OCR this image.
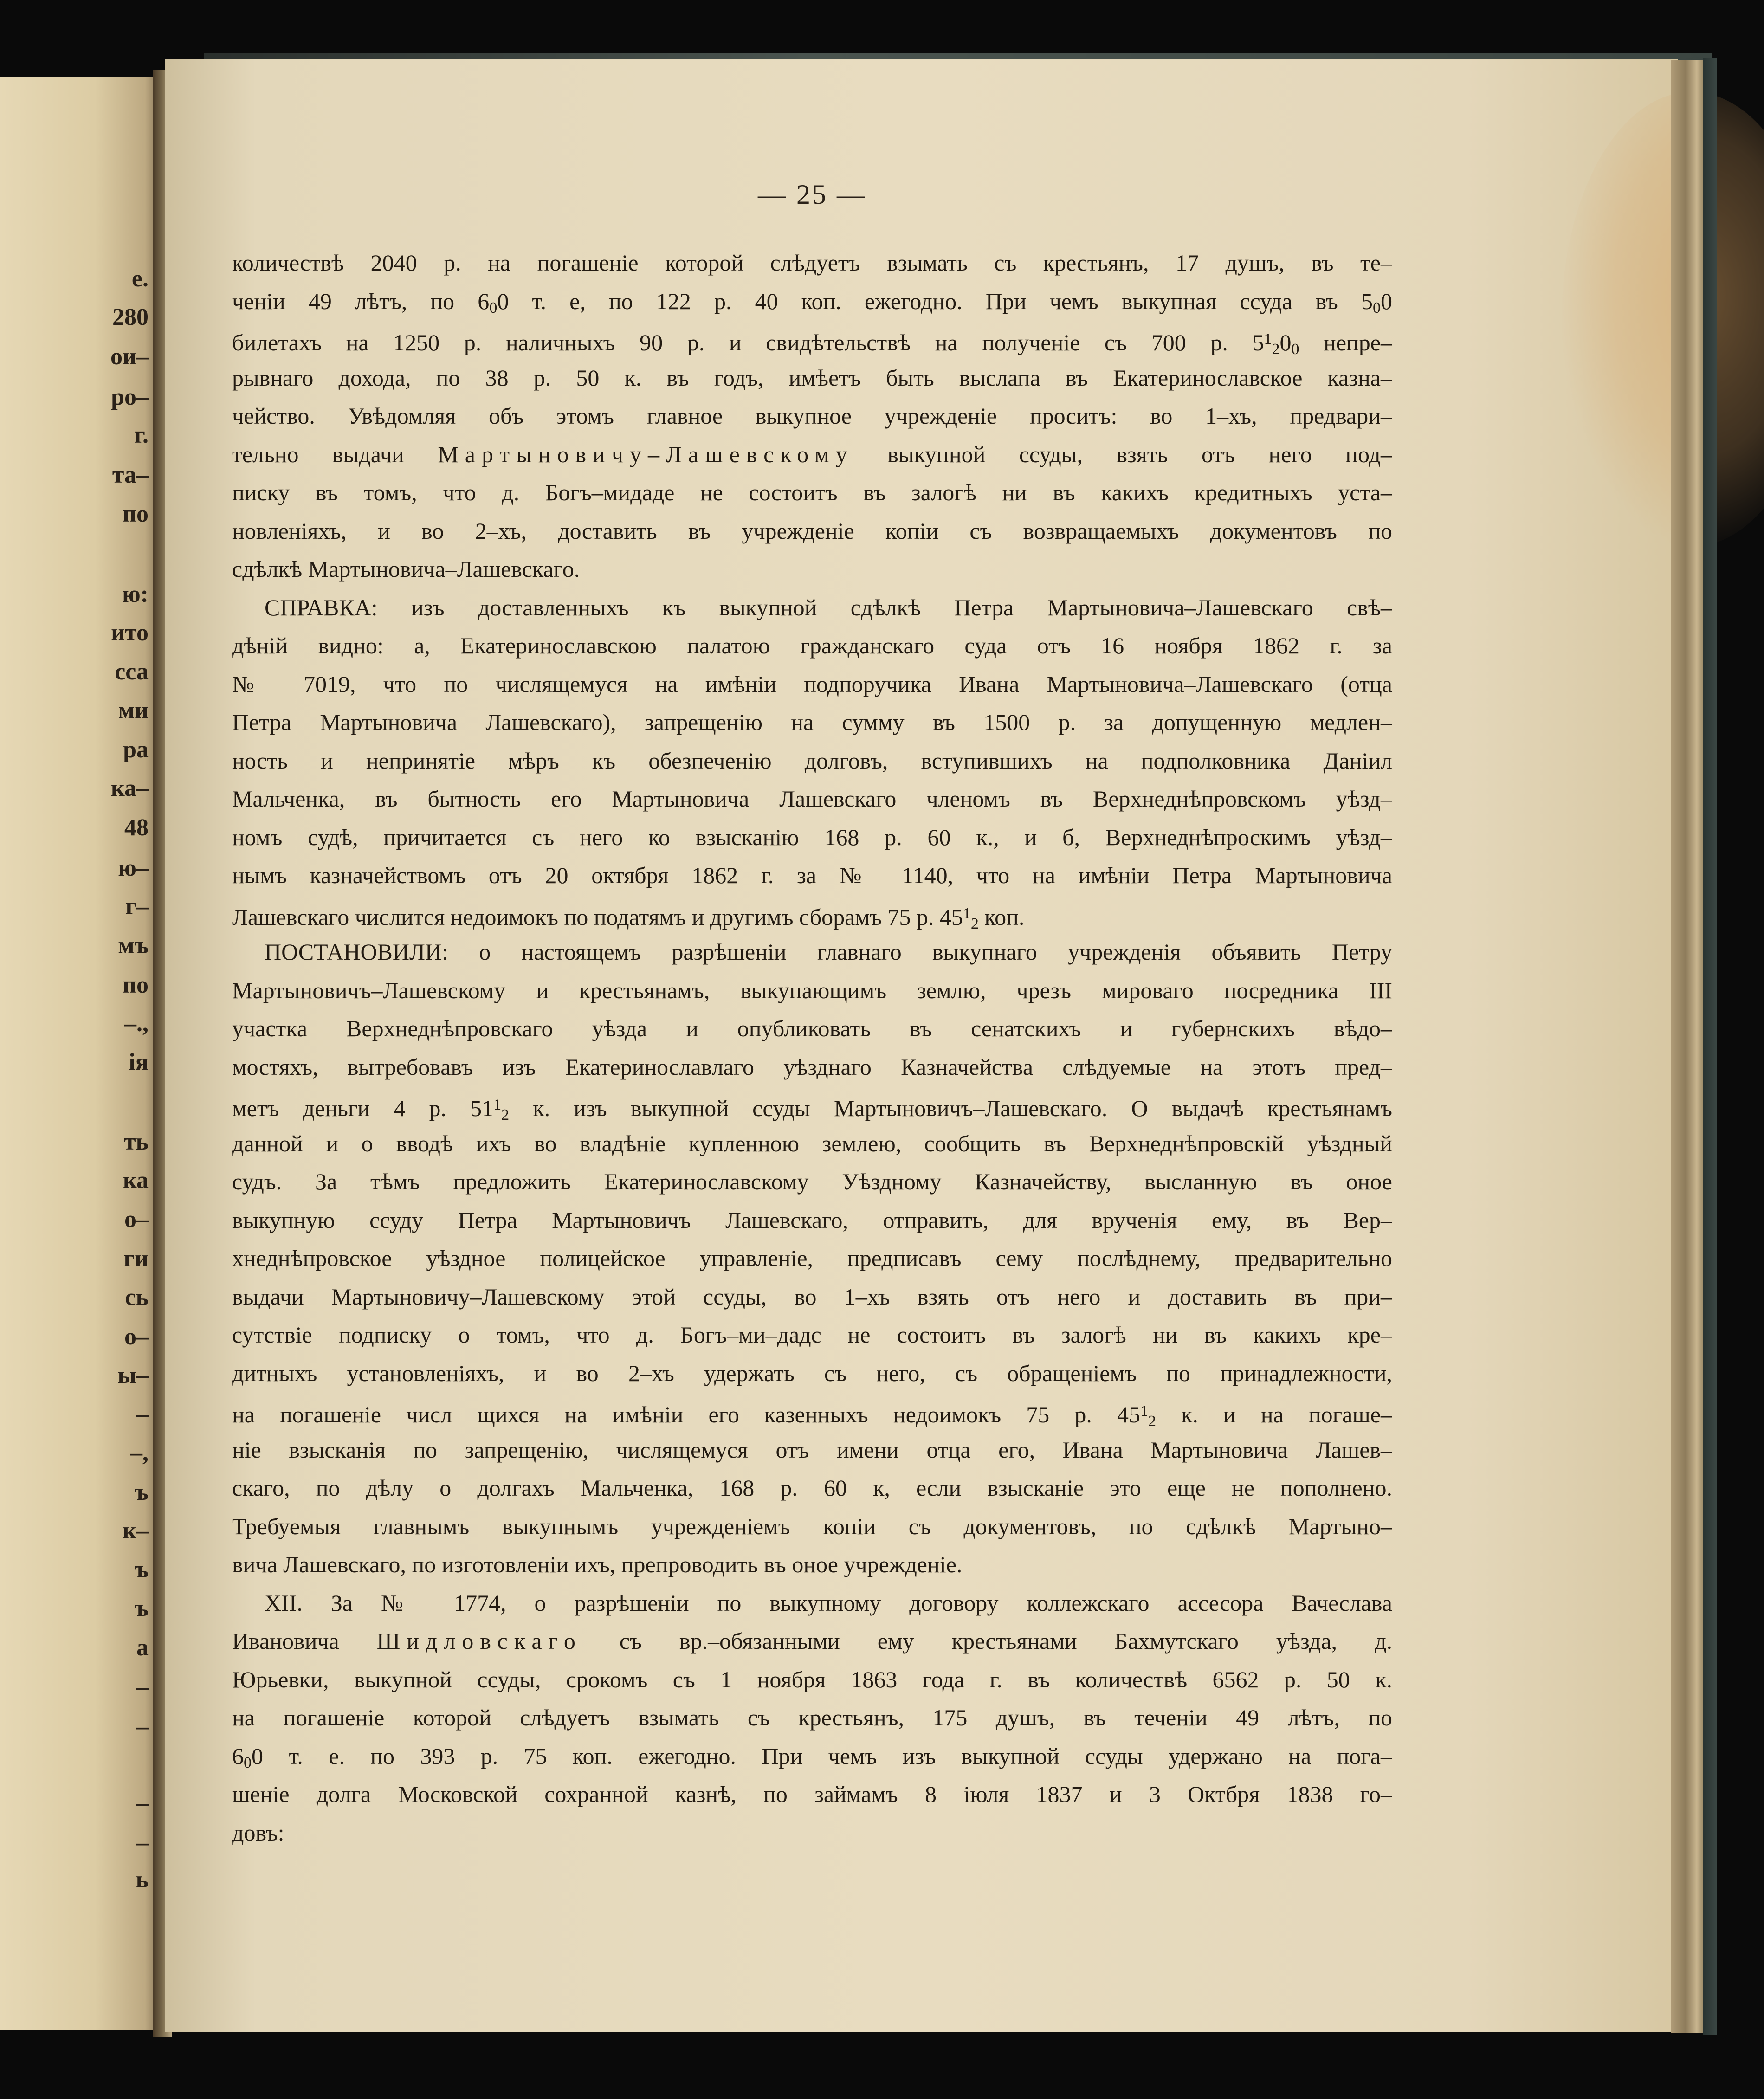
е.
280
ои–
ро–
г.
та–
по
ю:
ито
сса
ми
ра
ка–
48
ю–
г–
мъ
по
–.,
ія
ть
ка
о–
ги
сь
о–
ы–
–
–,
ъ
к–
ъ
ъ
а
–
–
–
–
ь
— 25 —
количествѣ 2040 р. на погашеніе которой слѣдуетъ взымать съ крестьянъ, 17 душъ, въ те–
ченіи 49 лѣтъ, по $6_00$ т. е, по 122 р. 40 коп. ежегодно. При чемъ выкупная ссуда въ $5_00$
билетахъ на 1250 р. наличныхъ 90 р. и свидѣтельствѣ на полученіе съ 700 р. $5^1_20_0$ непре–
рывнаго дохода, по 38 р. 50 к. въ годъ, имѣетъ быть выслапа въ Екатеринославское казна–
чейство. Увѣдомляя объ этомъ главное выкупное учрежденіе проситъ: во 1–хъ, предвари–
тельно выдачи Мартыновичу–Лашевскому выкупной ссуды, взять отъ него под–
писку въ томъ, что д. Богъ–мидаде не состоитъ въ залогѣ ни въ какихъ кредитныхъ уста–
новленіяхъ, и во 2–хъ, доставить въ учрежденіе копіи съ возвращаемыхъ документовъ по
сдѣлкѣ Мартыновича–Лашевскаго.
СПРАВКА: изъ доставленныхъ къ выкупной сдѣлкѣ Петра Мартыновича–Лашевскаго свѣ–
дѣній видно: а, Екатеринославскою палатою гражданскаго суда отъ 16 ноября 1862 г. за
№ 7019, что по числящемуся на имѣніи подпоручика Ивана Мартыновича–Лашевскаго (отца
Петра Мартыновича Лашевскаго), запрещенію на сумму въ 1500 р. за допущенную медлен–
ность и непринятіе мѣръ къ обезпеченію долговъ, вступившихъ на подполковника Даніил
Мальченка, въ бытность его Мартыновича Лашевскаго членомъ въ Верхнеднѣпровскомъ уѣзд–
номъ судѣ, причитается съ него ко взысканію 168 р. 60 к., и б, Верхнеднѣпроскимъ уѣзд–
нымъ казначействомъ отъ 20 октября 1862 г. за № 1140, что на имѣніи Петра Мартыновича
Лашевскаго числится недоимокъ по податямъ и другимъ сборамъ 75 р. $45^1_2$ коп.
ПОСТАНОВИЛИ: о настоящемъ разрѣшеніи главнаго выкупнаго учрежденія объявить Петру
Мартыновичъ–Лашевскому и крестьянамъ, выкупающимъ землю, чрезъ мироваго посредника III
участка Верхнеднѣпровскаго уѣзда и опубликовать въ сенатскихъ и губернскихъ вѣдо–
мостяхъ, вытребовавъ изъ Екатеринославлаго уѣзднаго Казначейства слѣдуемые на этотъ пред–
метъ деньги 4 р. $51^1_2$ к. изъ выкупной ссуды Мартыновичъ–Лашевскаго. О выдачѣ крестьянамъ
данной и о вводѣ ихъ во владѣніе купленною землею, сообщить въ Верхнеднѣпровскій уѣздный
судъ. За тѣмъ предложить Екатеринославскому Уѣздному Казначейству, высланную въ оное
выкупную ссуду Петра Мартыновичъ Лашевскаго, отправить, для врученія ему, въ Вер–
хнеднѣпровское уѣздное полицейское управленіе, предписавъ сему послѣднему, предварительно
выдачи Мартыновичу–Лашевскому этой ссуды, во 1–хъ взять отъ него и доставить въ при–
сутствіе подписку о томъ, что д. Богъ–ми–дадє не состоитъ въ залогѣ ни въ какихъ кре–
дитныхъ установленіяхъ, и во 2–хъ удержать съ него, съ обращеніемъ по принадлежности,
на погашеніе числ щихся на имѣніи его казенныхъ недоимокъ 75 р. $45^1_2$ к. и на погаше–
ніе взысканія по запрещенію, числящемуся отъ имени отца его, Ивана Мартыновича Лашев–
скаго, по дѣлу о долгахъ Мальченка, 168 р. 60 к, если взысканіе это еще не пополнено.
Требуемыя главнымъ выкупнымъ учрежденіемъ копіи съ документовъ, по сдѣлкѣ Мартыно–
вича Лашевскаго, по изготовленіи ихъ, препроводить въ оное учрежденіе.
XII. За № 1774, о разрѣшеніи по выкупному договору коллежскаго ассесора Вачеслава
Ивановича Шидловскаго съ вр.–обязанными ему крестьянами Бахмутскаго уѣзда, д.
Юрьевки, выкупной ссуды, срокомъ съ 1 ноября 1863 года г. въ количествѣ 6562 р. 50 к.
на погашеніе которой слѣдуетъ взымать съ крестьянъ, 175 душъ, въ теченіи 49 лѣтъ, по
$6_00$ т. е. по 393 р. 75 коп. ежегодно. При чемъ изъ выкупной ссуды удержано на пога–
шеніе долга Московской сохранной казнѣ, по займамъ 8 іюля 1837 и 3 Октбря 1838 го–
довъ:
